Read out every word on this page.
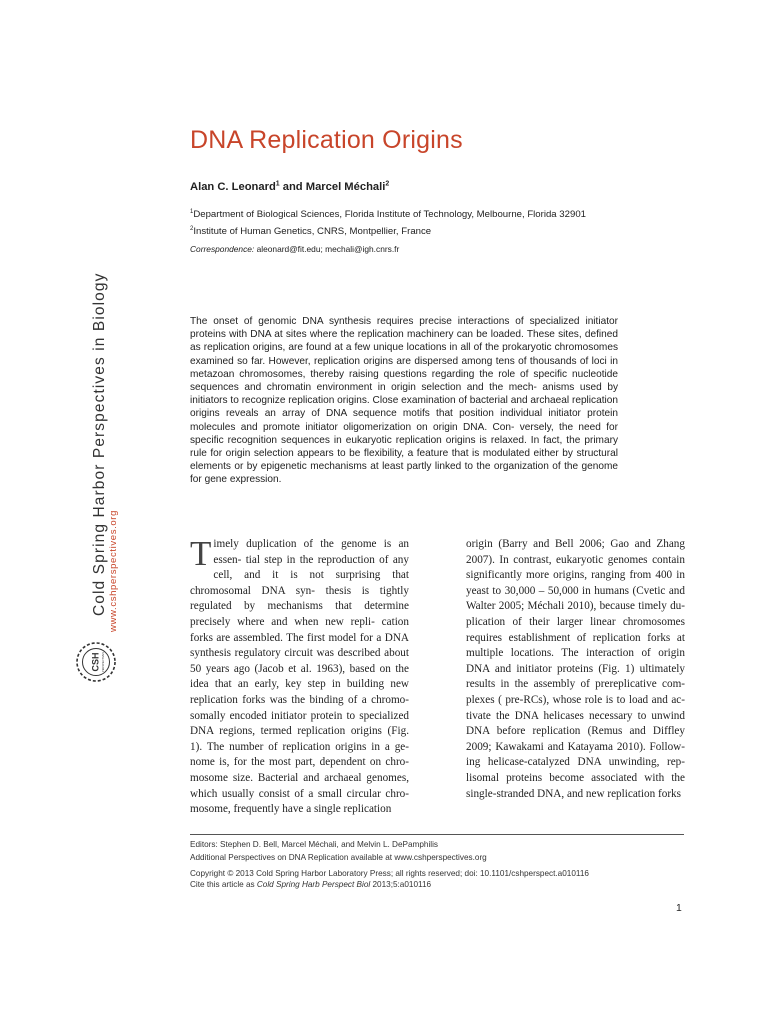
DNA Replication Origins
Alan C. Leonard$^1$ and Marcel Méchali$^2$
$^1$Department of Biological Sciences, Florida Institute of Technology, Melbourne, Florida 32901
$^2$Institute of Human Genetics, CNRS, Montpellier, France
Correspondence: aleonard@fit.edu; mechali@igh.cnrs.fr
The onset of genomic DNA synthesis requires precise interactions of specialized initiator proteins with DNA at sites where the replication machinery can be loaded. These sites, defined as replication origins, are found at a few unique locations in all of the prokaryotic chromosomes examined so far. However, replication origins are dispersed among tens of thousands of loci in metazoan chromosomes, thereby raising questions regarding the role of specific nucleotide sequences and chromatin environment in origin selection and the mech- anisms used by initiators to recognize replication origins. Close examination of bacterial and archaeal replication origins reveals an array of DNA sequence motifs that position individual initiator protein molecules and promote initiator oligomerization on origin DNA. Con- versely, the need for specific recognition sequences in eukaryotic replication origins is relaxed. In fact, the primary rule for origin selection appears to be flexibility, a feature that is modulated either by structural elements or by epigenetic mechanisms at least partly linked to the organization of the genome for gene expression.
T imely duplication of the genome is an essen- tial step in the reproduction of any cell, and it is not surprising that chromosomal DNA syn- thesis is tightly regulated by mechanisms that determine precisely where and when new repli- cation forks are assembled. The first model for a DNA synthesis regulatory circuit was described about 50 years ago (Jacob et al. 1963), based on the idea that an early, key step in building new replication forks was the binding of a chromo- somally encoded initiator protein to specialized DNA regions, termed replication origins (Fig. 1). The number of replication origins in a ge- nome is, for the most part, dependent on chro- mosome size. Bacterial and archaeal genomes, which usually consist of a small circular chro- mosome, frequently have a single replication
origin (Barry and Bell 2006; Gao and Zhang 2007). In contrast, eukaryotic genomes contain significantly more origins, ranging from 400 in yeast to 30,000 – 50,000 in humans (Cvetic and Walter 2005; Méchali 2010), because timely du- plication of their larger linear chromosomes requires establishment of replication forks at multiple locations. The interaction of origin DNA and initiator proteins (Fig. 1) ultimately results in the assembly of prereplicative com- plexes ( pre-RCs), whose role is to load and ac- tivate the DNA helicases necessary to unwind DNA before replication (Remus and Diffley 2009; Kawakami and Katayama 2010). Follow- ing helicase-catalyzed DNA unwinding, rep- lisomal proteins become associated with the single-stranded DNA, and new replication forks
Editors: Stephen D. Bell, Marcel Méchali, and Melvin L. DePamphilis
Additional Perspectives on DNA Replication available at www.cshperspectives.org
Copyright © 2013 Cold Spring Harbor Laboratory Press; all rights reserved; doi: 10.1101/cshperspect.a010116
Cite this article as Cold Spring Harb Perspect Biol 2013;5:a010116
1
Cold Spring Harbor Perspectives in Biology www.cshperspectives.org
CSH PERSPECTIVES
